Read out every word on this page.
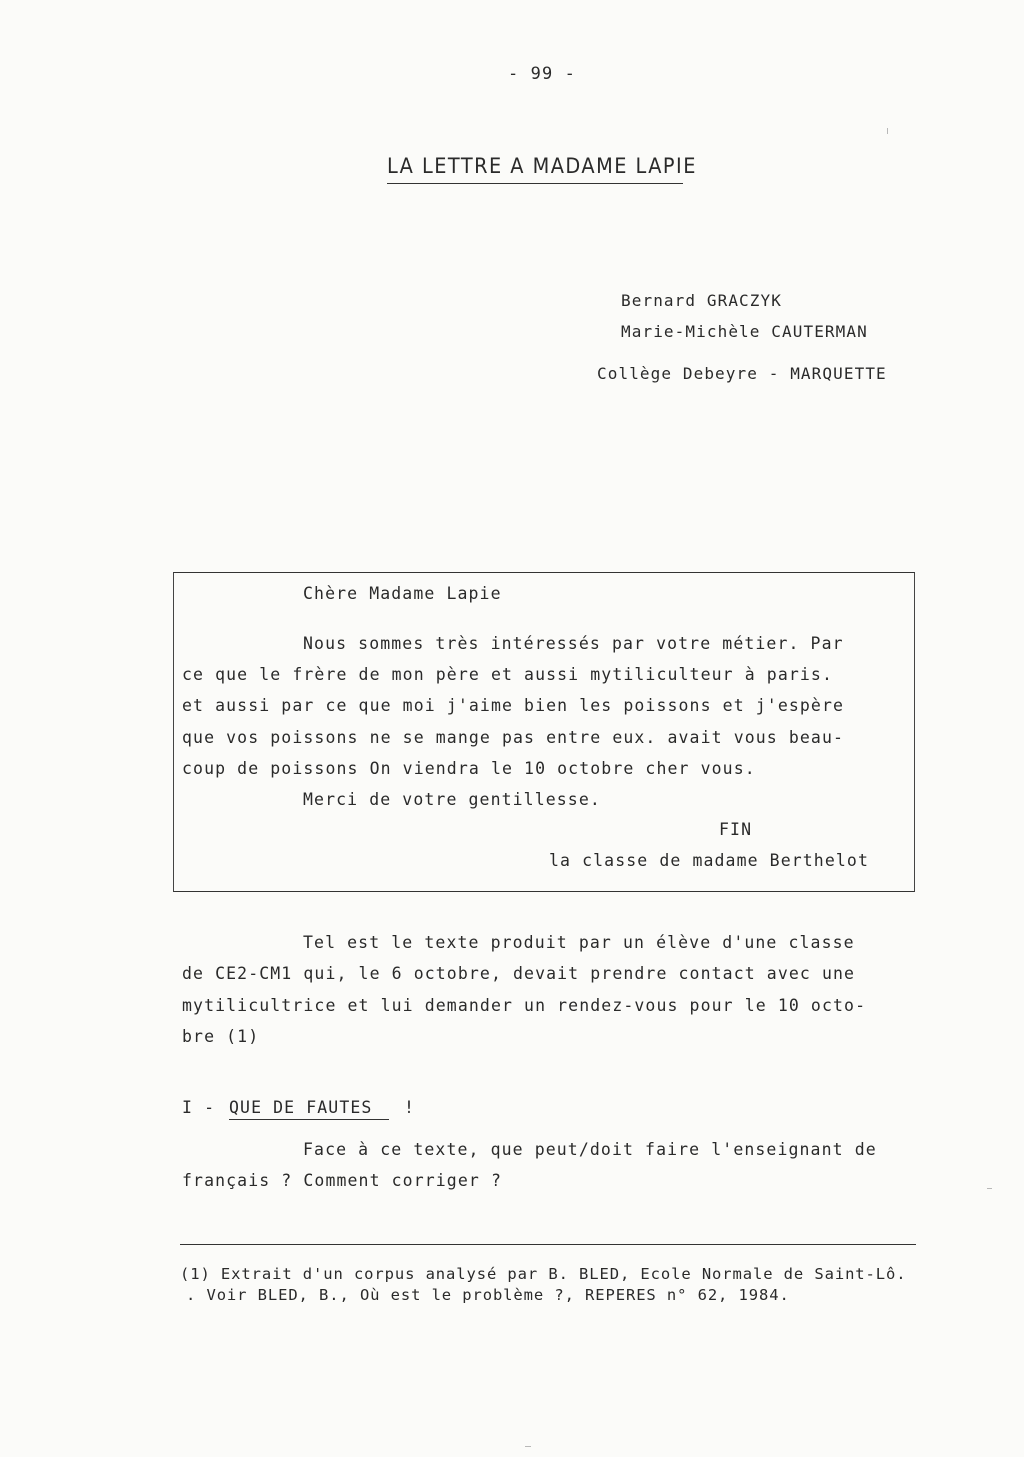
- 99 -
LA LETTRE A MADAME LAPIE
Bernard GRACZYK
Marie-Michèle CAUTERMAN
Collège Debeyre - MARQUETTE
Chère Madame Lapie
Nous sommes très intéressés par votre métier. Par
ce que le frère de mon père et aussi mytiliculteur à paris.
et aussi par ce que moi j'aime bien les poissons et j'espère
que vos poissons ne se mange pas entre eux. avait vous beau-
coup de poissons On viendra le 10 octobre cher vous.
Merci de votre gentillesse.
FIN
la classe de madame Berthelot
Tel est le texte produit par un élève d'une classe
de CE2-CM1 qui, le 6 octobre, devait prendre contact avec une
mytilicultrice et lui demander un rendez-vous pour le 10 octo-
bre (1)
I - QUE DE FAUTES !
Face à ce texte, que peut/doit faire l'enseignant de
français ? Comment corriger ?
(1) Extrait d'un corpus analysé par B. BLED, Ecole Normale de Saint-Lô.
. Voir BLED, B., Où est le problème ?, REPERES n° 62, 1984.
